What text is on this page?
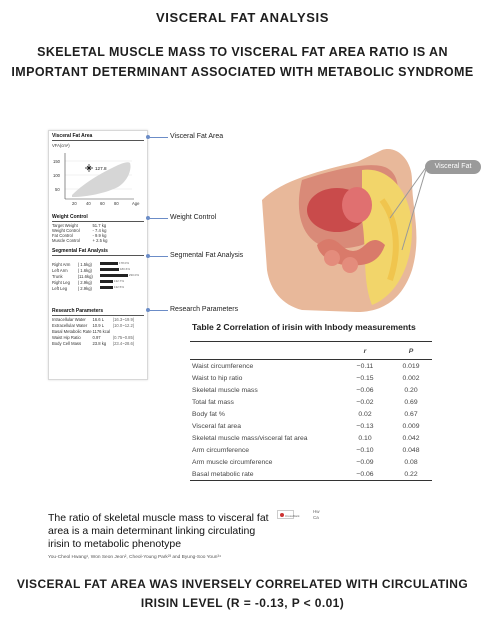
VISCERAL FAT ANALYSIS
SKELETAL MUSCLE MASS TO VISCERAL FAT AREA RATIO IS AN IMPORTANT DETERMINANT ASSOCIATED WITH METABOLIC SYNDROME
Visceral Fat Area
VFA(cm²)
150
100
50
127.8
20 40 60 80	Age
Weight Control
Target Weight	51.7 kg
Weight Control	- 7.4 kg
Fat Control	- 9.9 kg
Muscle Control	+ 2.5 kg
Segmental Fat Analysis
Right Arm	( 1.5kg)	178.0%
Left Arm	( 1.6kg)	180.6%
Trunk	(11.6kg)	230.0%
Right Leg	( 2.9kg)	132.7%
Left Leg	( 2.9kg)	132.5%
Research Parameters
Intracellular Water	16.6 L	(16.3~19.9)
Extracellular Water	10.9 L	(10.0~12.2)
Basal Metabolic Rate 1176 kcal
Waist Hip Ratio	0.97	(0.75~0.85)
Body Cell Mass	23.8 kg	(23.4~28.6)
Visceral Fat Area
Weight Control
Segmental Fat Analysis
Research Parameters
Visceral Fat
Table 2 Correlation of irisin with Inbody measurements
	r	P
Waist circumference	−0.11	0.019
Waist to hip ratio	−0.15	0.002
Skeletal muscle mass	−0.06	0.20
Total fat mass	−0.02	0.69
Body fat %	0.02	0.67
Visceral fat area	−0.13	0.009
Skeletal muscle mass/visceral fat area	0.10	0.042
Arm circumference	−0.10	0.048
Arm muscle circumference	−0.09	0.08
Basal metabolic rate	−0.06	0.22
The ratio of skeletal muscle mass to visceral fat area is a main determinant linking circulating irisin to metabolic phenotype
You-Cheol Hwang¹, Won Seon Jeon², Cheol-Young Park²³ and Byung-Soo Youn³⁴
CrossMark
Hw
Ca
VISCERAL FAT AREA WAS INVERSELY CORRELATED WITH CIRCULATING IRISIN LEVEL (R = -0.13, P < 0.01)
